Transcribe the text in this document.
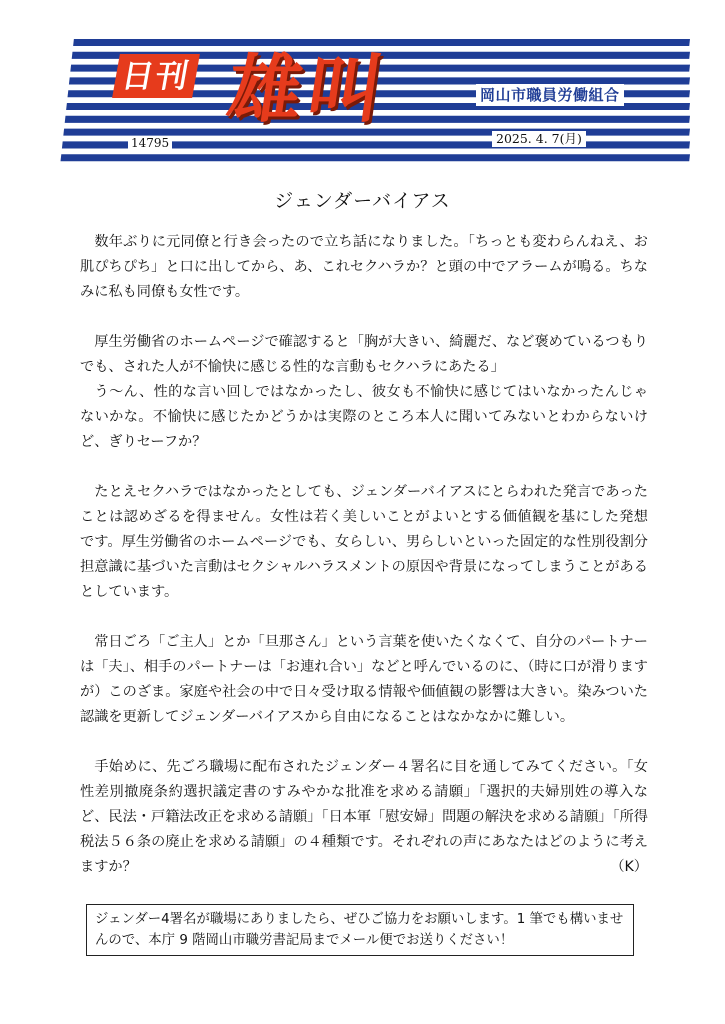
日刊 雄叫	岡山市職員労働組合
14795	2025. 4. 7(月)
ジェンダーバイアス

　数年ぶりに元同僚と行き会ったので立ち話になりました。「ちっとも変わらんねえ、お肌ぴちぴち」と口に出してから、あ、これセクハラか？と頭の中でアラームが鳴る。ちなみに私も同僚も女性です。

　厚生労働省のホームページで確認すると「胸が大きい、綺麗だ、など褒めているつもりでも、された人が不愉快に感じる性的な言動もセクハラにあたる」

　う〜ん、性的な言い回しではなかったし、彼女も不愉快に感じてはいなかったんじゃないかな。不愉快に感じたかどうかは実際のところ本人に聞いてみないとわからないけど、ぎりセーフか？

　たとえセクハラではなかったとしても、ジェンダーバイアスにとらわれた発言であったことは認めざるを得ません。女性は若く美しいことがよいとする価値観を基にした発想です。厚生労働省のホームページでも、女らしい、男らしいといった固定的な性別役割分担意識に基づいた言動はセクシャルハラスメントの原因や背景になってしまうことがあるとしています。

　常日ごろ「ご主人」とか「旦那さん」という言葉を使いたくなくて、自分のパートナーは「夫」、相手のパートナーは「お連れ合い」などと呼んでいるのに、（時に口が滑りますが）このざま。家庭や社会の中で日々受け取る情報や価値観の影響は大きい。染みついた認識を更新してジェンダーバイアスから自由になることはなかなかに難しい。

　手始めに、先ごろ職場に配布されたジェンダー４署名に目を通してみてください。「女性差別撤廃条約選択議定書のすみやかな批准を求める請願」「選択的夫婦別姓の導入など、民法・戸籍法改正を求める請願」「日本軍「慰安婦」問題の解決を求める請願」「所得税法５６条の廃止を求める請願」の４種類です。それぞれの声にあなたはどのように考えますか？	（K）

ジェンダー4署名が職場にありましたら、ぜひご協力をお願いします。1 筆でも構いませんので、本庁 9 階岡山市職労書記局までメール便でお送りください！
